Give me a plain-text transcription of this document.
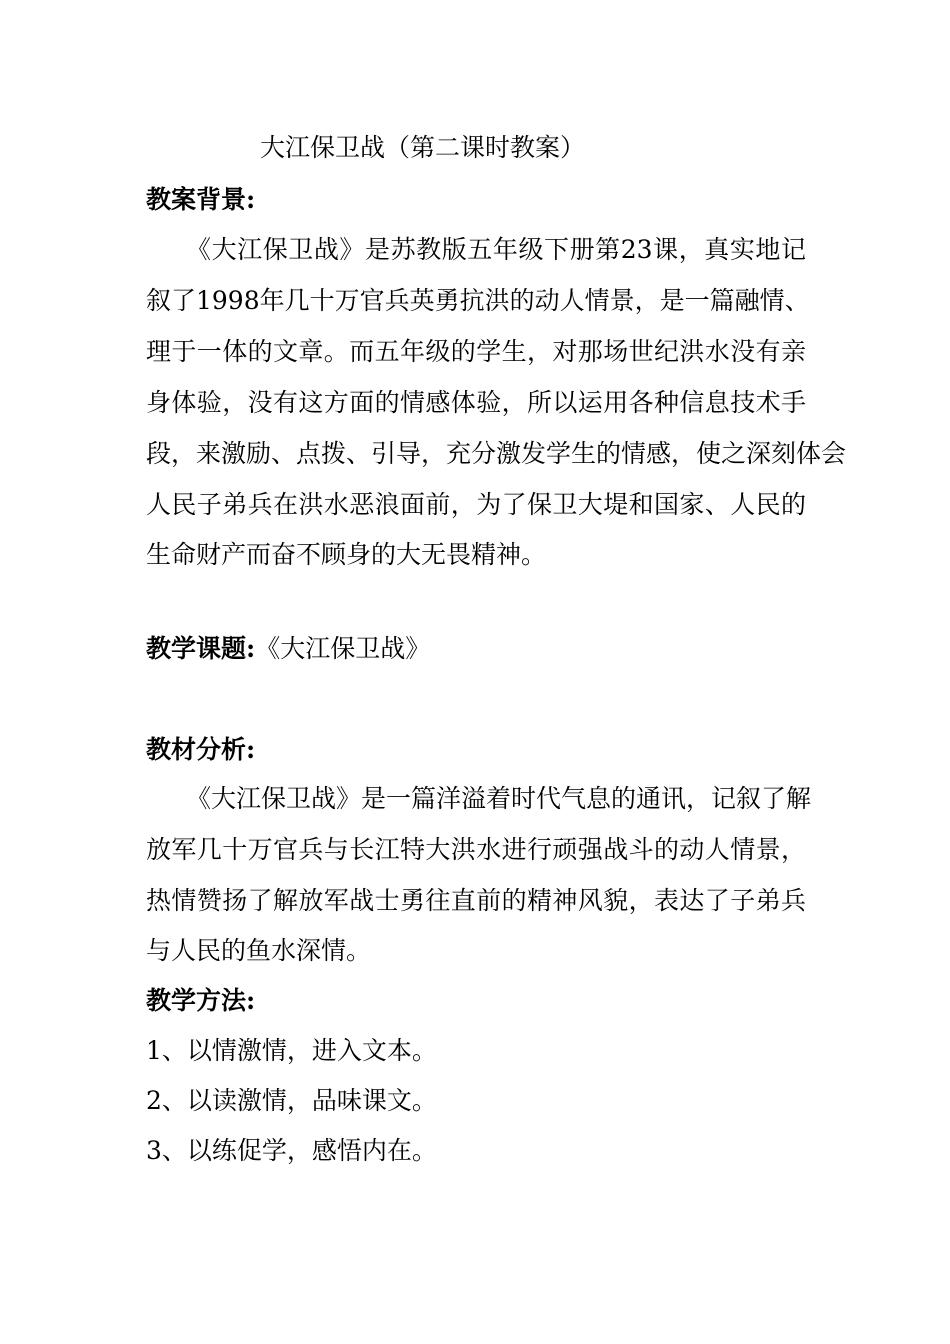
大江保卫战（第二课时教案）
教案背景:
《大江保卫战》是苏教版五年级下册第23课，真实地记
叙了1998年几十万官兵英勇抗洪的动人情景，是一篇融情、
理于一体的文章。而五年级的学生，对那场世纪洪水没有亲
身体验，没有这方面的情感体验，所以运用各种信息技术手
段，来激励、点拨、引导，充分激发学生的情感，使之深刻体会
人民子弟兵在洪水恶浪面前，为了保卫大堤和国家、人民的
生命财产而奋不顾身的大无畏精神。
教学课题:《大江保卫战》
教材分析:
《大江保卫战》是一篇洋溢着时代气息的通讯，记叙了解
放军几十万官兵与长江特大洪水进行顽强战斗的动人情景，
热情赞扬了解放军战士勇往直前的精神风貌，表达了子弟兵
与人民的鱼水深情。
教学方法:
1、以情激情，进入文本。
2、以读激情，品味课文。
3、以练促学，感悟内在。
